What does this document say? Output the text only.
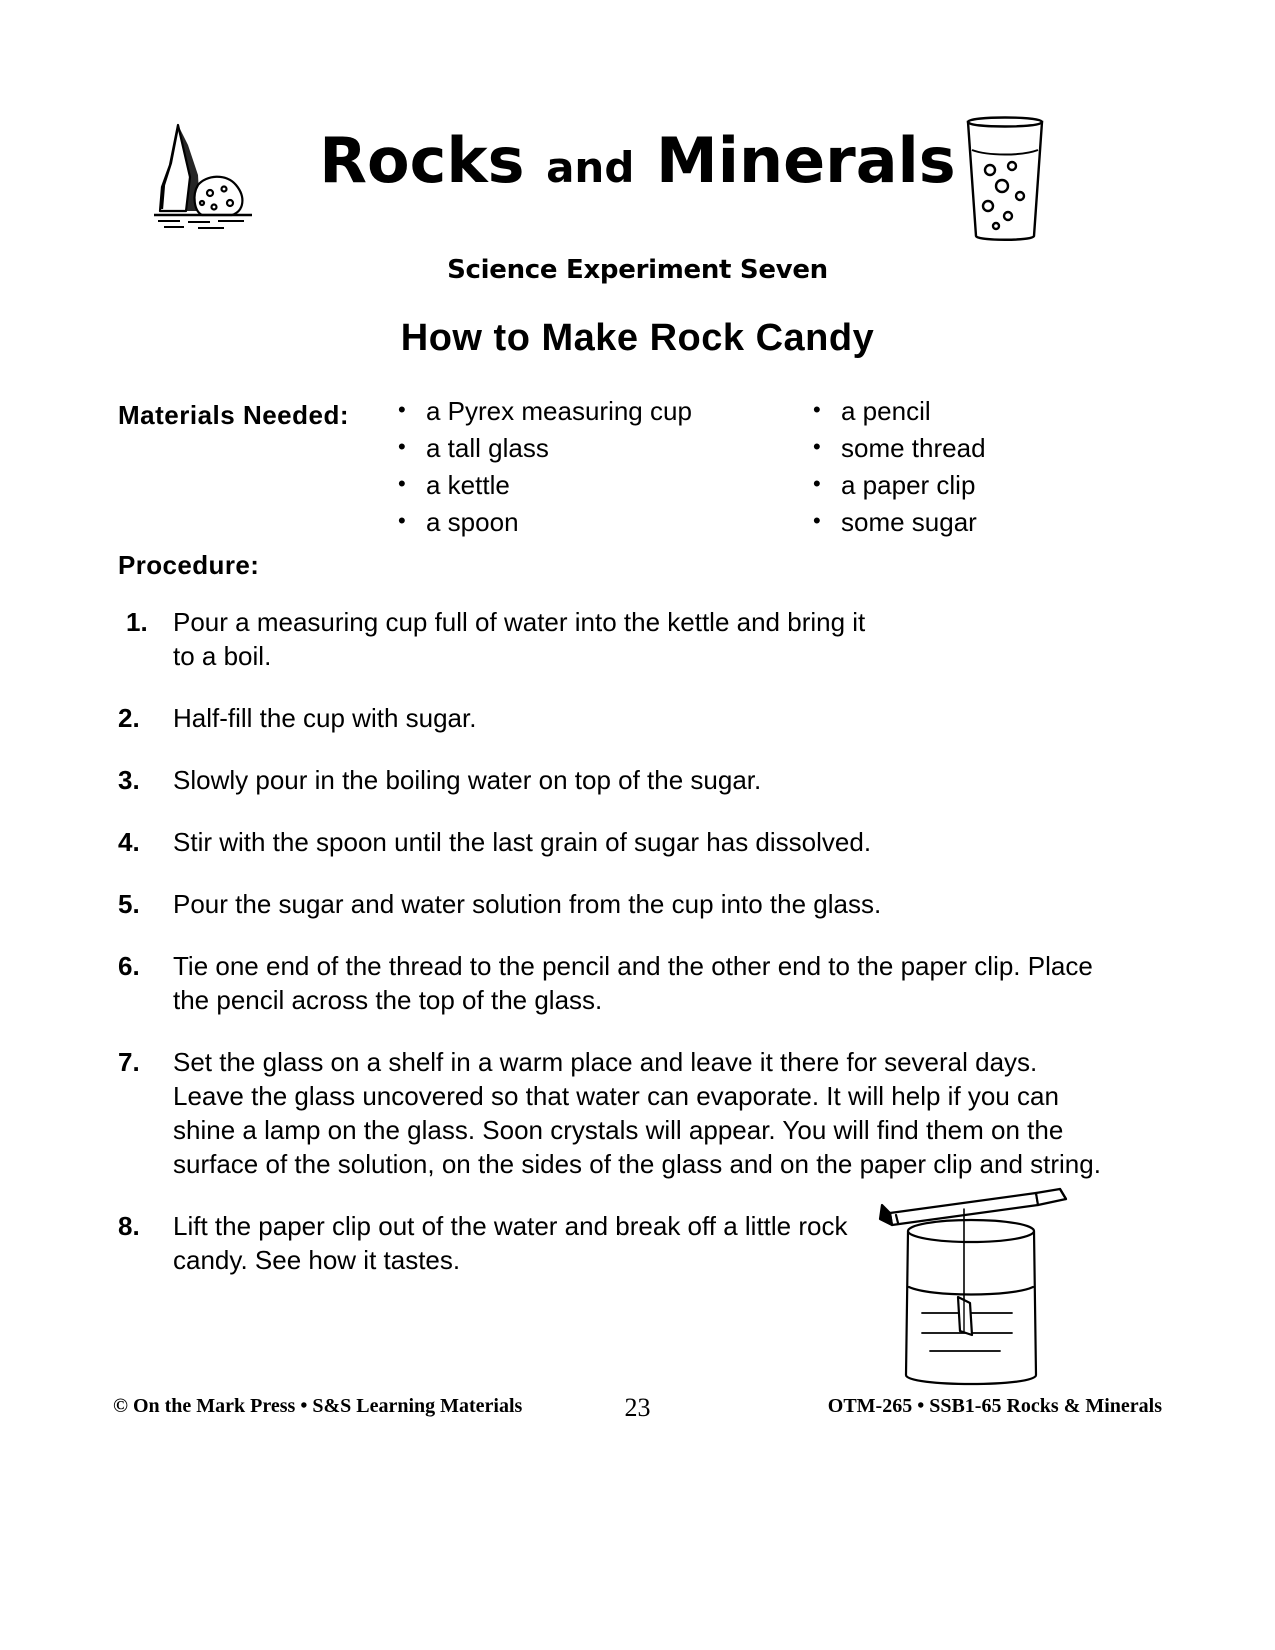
Rocks and Minerals
Science Experiment Seven
How to Make Rock Candy
Materials Needed:	• a Pyrex measuring cup
• a tall glass
• a kettle
• a spoon
• a pencil
• some thread
• a paper clip
• some sugar
Procedure:
1. Pour a measuring cup full of water into the kettle and bring it to a boil.
2. Half-fill the cup with sugar.
3. Slowly pour in the boiling water on top of the sugar.
4. Stir with the spoon until the last grain of sugar has dissolved.
5. Pour the sugar and water solution from the cup into the glass.
6. Tie one end of the thread to the pencil and the other end to the paper clip. Place the pencil across the top of the glass.
7. Set the glass on a shelf in a warm place and leave it there for several days. Leave the glass uncovered so that water can evaporate. It will help if you can shine a lamp on the glass. Soon crystals will appear. You will find them on the surface of the solution, on the sides of the glass and on the paper clip and string.
8. Lift the paper clip out of the water and break off a little rock candy. See how it tastes.
© On the Mark Press • S&S Learning Materials	23	OTM-265 • SSB1-65 Rocks & Minerals
